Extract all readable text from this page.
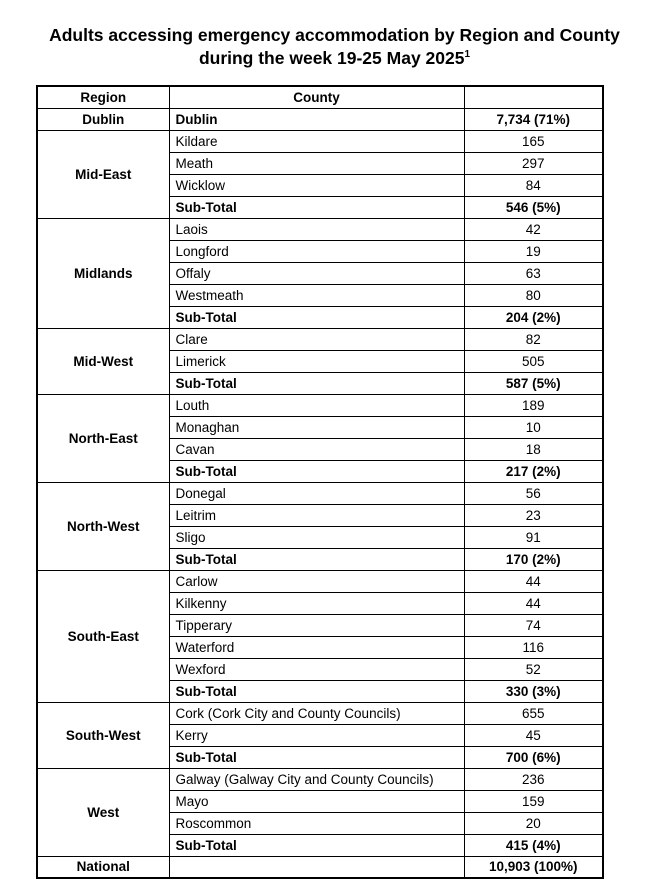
Adults accessing emergency accommodation by Region and County during the week 19-25 May 2025$^1$
Region	County	
Dublin	Dublin	7,734 (71%)
Mid-East	Kildare	165
	Meath	297
	Wicklow	84
	Sub-Total	546 (5%)
Midlands	Laois	42
	Longford	19
	Offaly	63
	Westmeath	80
	Sub-Total	204 (2%)
Mid-West	Clare	82
	Limerick	505
	Sub-Total	587 (5%)
North-East	Louth	189
	Monaghan	10
	Cavan	18
	Sub-Total	217 (2%)
North-West	Donegal	56
	Leitrim	23
	Sligo	91
	Sub-Total	170 (2%)
South-East	Carlow	44
	Kilkenny	44
	Tipperary	74
	Waterford	116
	Wexford	52
	Sub-Total	330 (3%)
South-West	Cork (Cork City and County Councils)	655
	Kerry	45
	Sub-Total	700 (6%)
West	Galway (Galway City and County Councils)	236
	Mayo	159
	Roscommon	20
	Sub-Total	415 (4%)
National		10,903 (100%)
